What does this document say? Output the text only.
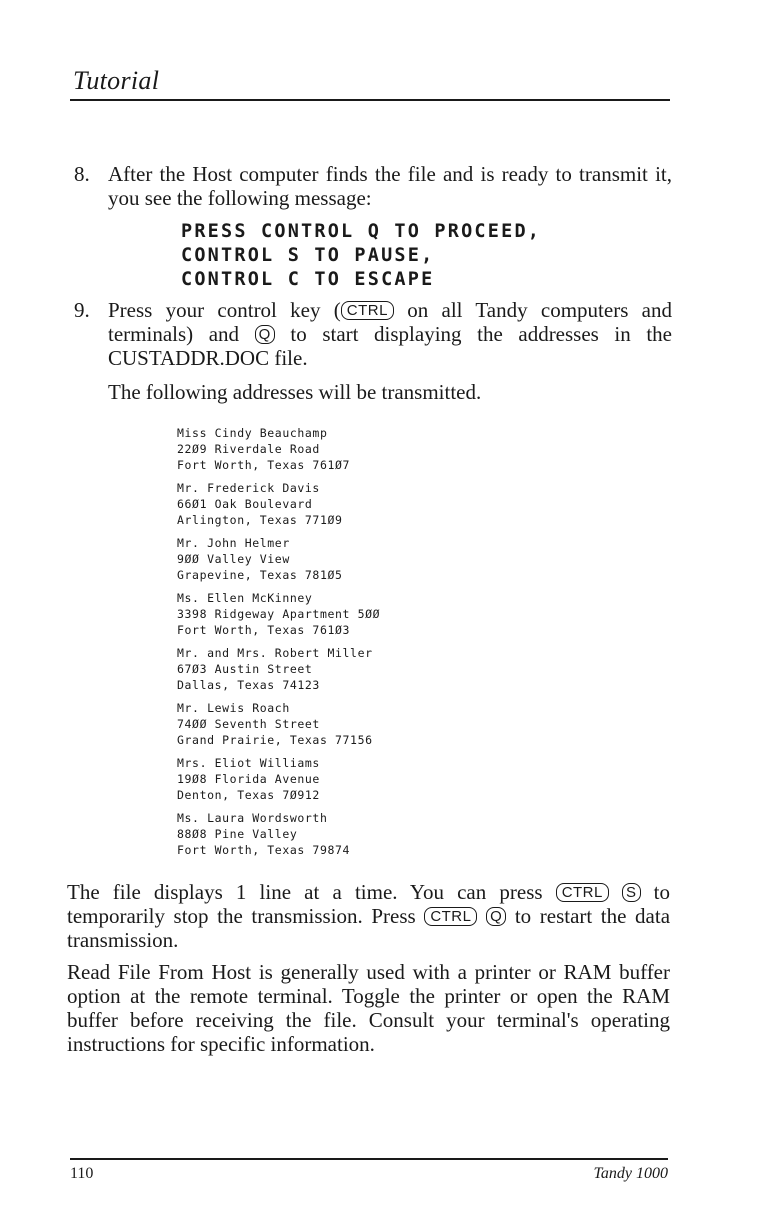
Tutorial
8. After the Host computer finds the file and is ready to transmit it, you see the following message:
PRESS CONTROL Q TO PROCEED,
CONTROL S TO PAUSE,
CONTROL C TO ESCAPE
9. Press your control key ( CTRL on all Tandy computers and terminals) and Q to start displaying the addresses in the CUSTADDR.DOC file.
The following addresses will be transmitted.
Miss Cindy Beauchamp
22Ø9 Riverdale Road
Fort Worth, Texas 761Ø7
Mr. Frederick Davis
66Ø1 Oak Boulevard
Arlington, Texas 771Ø9
Mr. John Helmer
9ØØ Valley View
Grapevine, Texas 781Ø5
Ms. Ellen McKinney
3398 Ridgeway Apartment 5ØØ
Fort Worth, Texas 761Ø3
Mr. and Mrs. Robert Miller
67Ø3 Austin Street
Dallas, Texas 74123
Mr. Lewis Roach
74ØØ Seventh Street
Grand Prairie, Texas 77156
Mrs. Eliot Williams
19Ø8 Florida Avenue
Denton, Texas 7Ø912
Ms. Laura Wordsworth
88Ø8 Pine Valley
Fort Worth, Texas 79874
The file displays 1 line at a time. You can press CTRL S to temporarily stop the transmission. Press CTRL Q to restart the data transmission.
Read File From Host is generally used with a printer or RAM buffer option at the remote terminal. Toggle the printer or open the RAM buffer before receiving the file. Consult your terminal's operating instructions for specific information.
110	Tandy 1000
